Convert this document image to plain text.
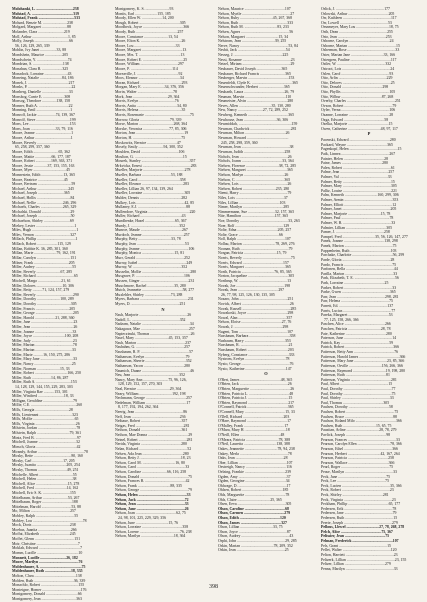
Molohanki, L. ......................................238
Molstad, A. ...........................................319
Molstad, Frank .....................................533
Molund, Benzie M. .........................238
Molgard, Margaret ..........................88
Molander, Clara ...........................219
Moll, Arthur .....................................1, 85
Molly, Joseph ....................................66
56, 126, 129, 265, 339
Mohlin, Ivy Janet .................33, 88
Mondshein, Maurice ..................205
Mondschein, Y. ................................74
Mondrian, S. ...............................138
Monahan, Clara B. .....................325
Monadock, Lorraine ........................43
Moneing, Natalie .......................84, 186
Monek, J. ..........................................217
Monks, P. .............................................22
Monberg, Danielle ............................33
Monsbog, Carrie E. ......................308
Monsog, Theodore ...............138, 158
Monner, Ruth A. ...............................22
Monning, Emil ...................................1
Monroff, Jackie ...................74, 139, 367
Monrolf, Steve ...................................199
Mons, Lee ..........................................153
Mons, Joan ..........................33, 79, 116
Moore, Jeanne .....................................1
Moore, Arthur .....................................1
Moore, Beverly ...................................
65, 258, 299, 357, 360
Moore, Edith ..........................65, 362
Moore, Mattie .................66, 177, 187
Moore, Robert ................169, 363, 371
Moore, Jessie ..............37, 153, 155, 163
Moore, Myer ..................................45
Monnestein, Edith .......................13, 365
Moore, Beatrice ...........................45
Moore, Bertram ...................................59
Michael, Arthur ................................245
Michael, Joseph ...........................365
Michael, Hollis ...................................84
Michael, Nellie ...........................246, 296
Michaels, Charles .......................265, 329
Michalski, Donald ..............................29
Michael, Joseph ..................................50
Michaelson, Shirley ...........................69
Miekey, Lester ........................................1
Miles, Hugh ..............................................1
Miles, Vernon .....................................327
Millach, Phillip ........................................1
Millach, Robert .....................115, 129
Millan, Bobbie K. 36, 285, 301, 360
Millan, Marie .......................79, 162, 191
Millar, Carolyn ...................................151
Milner, Frank ....................................205
Miller, Audrey ......................................55
Miller, Beverly .........................67, 285
Miller, Richard .......................................65
Mitchell, Margo ........................21, 61
Miller, Dolores ...........................10, 306
Miller, Betty ..........71, 124, 157, 279
Miller, Beverly ......................................290
Miller, Dorothy ........................100, 289
Miller, Dorothy ...................................305
Miller, Francis ...................................205
Miller, George .......................................205
Miller, Harold .....................21, 288, 360
Miller, Jane ............................................23
Miller, Jean ............................................26
Miller, Joanne .......................................33
Miller, Joyce .................................100, 208
Miller, Judy ...........................................23
Miller, Marian .......................................78
Miller, Marian ......................................33
Miller, Marie ..........16, 150, 275, 286
Miller, Mary Jane ..................................33
Miller, Nancy .......................................25
Miller, Norman ........................15, 33
Miller, Robert ..................................166, 250
Miller, Ruth ....................14, 86, 287
Miller, Ruth A. ....................................153
14, 128, 129, 144, 155, 229, 283, 303
Miller, Virginia Rae ...........153, 301
Miller, Winifred ...........................18, 33
Milligan, Geraldine ...............................79
Millie, C.E. ...............................................260
Mills, Georgia ...................................28
Mills, Lieutenant ..................................323
Mills, Mollie ...........................................65
Mills, Virginia ..........................................26
Milstein, Jordan ........................................78
Milstein, Ralph ..................................79, 361
Mintz, Fred B. ...........................................97
Mitchell, Joanne .......................................32
Minsch, Gloria ..........................................42
Mirandy, Arthur ................................................78
Mirsky, Bette .......................................80, 160
Mirsky, Carl ................................17, 205
Mirsky, Juanita ...............................205, 254
Mirsky, Thomas ..............................49, 251
Mitchelle, Albert ...................................55
Mitchell, Helen .....................................38
Mitchell, Alice .................................15, 278
Mitchell, Fred .................................14, 162
Mitchell, Eric S. K. ............................155
Mittelbaum, Arthur ..........................53, 267
Mittelbaum, Roger ...............................188
Mittelman, Harold ...............................53, 88
Mo, Milton .........................................257
Mobley, Ralph ........................................55
Mobley, Lou ....................................................78
Mock, Doris .......................................238
Moebus, Juanita ..................................266
Moffat, Elizabeth ...............................245
Moffet, Glenn .........................................151
Moir, Christine ...........................................7
Moklah, Edward ...........................................7
Momm, Lucille ...........................................10
Monnett, Lucille ...........................26, 182
Moore, Marilyn .........................................76
Moldenhauer, A. ...........................................75
Moldenhauer, Ruth ...........................18, 335
Molton, Clara ...........................................138
Molden, Ruth .........................................36, 339
Monachlo, Robert .......................................155
Monteigne, Homer ........................................176
Montgomery, Donald .................................66
Montgomery, Jean ....................................363
Montgomery, K. S. .........................93
Montis, Earl .......................155, 185
Moody, Ellen W. .....................14, 200
Mough, Robert ..........................................305
Moodbeck, Joyce ..........................................366
Moody, Ruth ...........................................257
Moore, Constance .........................13, 54
Moore, Elton K. ..........................................26
Moore, Lou ...........................................33
Moore, Margaret ..........................................13
Moore, Mrs. T. ...........................................13
Moore, Robert E. ..........................................25
Moore, William .......................................297
Moore, P. ...........................................114
Moreaville, J. ...........................................92
Moos, Eleanor ...........................................34
Moran, Richard ...........................................293
Morgan, Mary E. .......................34, 376, 356
Morin, Walter .....................................78
Mork, Jean ....................................29, 364
Morris, Evelyn .....................................76
Morris, Anita ..........................................34, 80
Morris, Helena ............................................35
Morris, Rosemarie ...............................................75
Morrow, Gloria ...............................79, 339
Morse, Marion ....................................268, 364
Morske, Veronica ...........................77, 85, 306
Morton, Jean ..................................................19
Morton, H. ..................................................75
Moskowitz, Bernice ...............................47
Mosely, Emily ..........................94, 300, 352
Moulden, David .......................................106
Moulton, G. ..................................................15
Mourek, Stanley ..................................................357
Mrkvicka, Ernest ..................................................283
Mueller, Marjorie ...........................................278
Mueller, Barbara ..............................53, 188
Mueller, Carol ...........................................358
Mueller, Eleanor ...........................................283
Mueller, Lillian 26, 97, 134, 139, 264
Mueller, Lorraine ...........................................305
Mulder, Dennis ...........................................282
Mulkey, Lois ..................................................42, 85
Mullaney, E.J. ..................................................88
Mullendore, Virginia ...........................................220
Muller, Richard ...........................................43
Mundhenke, Hazel ...............................65, 367
Mundy, J. ..................................................352
Munroe, Maude ...........................................267
Murdoch, Jeanne ...........................................257
Murphy, Betty ..................................33, 78
Murphy, Jean ..................................................53
Murphy, Jeanne ..................................................106
Murphy, Monica ..................................15, 81
Murr, Gerald ..................................................252
Murray, Isabel ..................................................249
Murray, W. ..................................................352
Musselin, Mollie ..................................................280
Musgrave, P. ..................................................106
Mussen, Ginger ..................................................231
Muuchmore, Rachel ............................35, 280
Mutch, Jeannette ..........................................58, 277
Muxlehler, Shirley ...........................73, 288
Myers, Barbara ..................................................231
Myers, D. ..................................................251
N
Nash, Marjorie ..................................................26
Nadoll, L. ..................................................352
Nadzam, Natalie ..................................................34
Nakagawa, Mae ..................................................257
Napieczinski, Thomas ..........................................26
Nasel, Mary ...................................45, 153, 357
Nash, Marion ..................................................237
Nashahm, G. ..................................................257
Nassbaum, R. P. ..................................................57
Nathanson, Evelyn ..........................................79
Nathanson, Sherrie ..........................................352
Nathanson, Yacon ..........................................280
Naumich, Duane ..................................................46
Neu, Jean ..................................................352
Nancy, Mary Ann ..........................75, 96, 126,
128, 129, 152, 157, 270, 303
Neal, Bernice ..................................29, 364
Neary, William ..................................192, 198
Nechmann, George ..........................................257
Nedelman, William ..........................................17
8, 177, 192, 194, 262, 364
Neerig, Jean ..................................................86
Neff, Jean ..................................................236
Neibaue, Robert ..........................................357
Neigas, Fred ..................................................281
Neilson, Donald ..........................................361
Neilson, Mae Donna ..........................................29
Neinel, Robert ..................................................281
Nerida, Virginia ..........................................280
Nelan, Richard ..................................................52
Nelsen, Ada Jean ..........................................280
Nelson, Betty J. ..........................................18, 23
Nelson, Carol M. ..................................16, 80
Nelson, Carol ..................................................33
Nelson, Caroline ..........................66, 116, 258
Nelson, Donald ..................................................75
Nelson, Frances B. ..........................................42
Nelson, Frank ..................................88, 335
Nelson, George ..................................................79
Nelson, Helen ..................................................33
Nelson, Jack ..................................................72
Nelson, Jean ..................................................33
Nelson, Jane ..................................................26
Nelson, Joan ..........................................62, 75
24, 98, 101, 225, 229, 329, 356
Nelson, June ..................................15, 76
Nelson, Lorraine ..........................................358
Nelson, Lorene ..........................................76, 238
Nelson, Marilyn ..................................18, 364
Nelson, Maurice ..........................................107
Nelson, Myrtle ..................................................27
Nelson, Ruby ..................................45, 267, 368
Nelson, Ruth ..................................................333
Nelson, Ruth M. ..................................83, 233
Nelsen, Agnes ..................................................56
Nelson, Margaret ..................................15, 34
Nelstrom, Jean ..................................39, 255
Nerve, Nancy ..................................................53, 84
Nesbit, Jack ..................................................54
Nesseg, J. ..................................................225
Nessi, Rosanne ..................................................23
Netzel, Miriam ..................................................29
Neubauer, David Joseph ..........................365
Neubauer, Richard Francis ..........................365
Neuberger, Marvin ..........................................153
Neuenfeldt, Clyde K. ..........................................365
Neuenschwander, Herbert ..........................365
Neuharth, Laura ..........................................26, 79
Neuman, Marvin ..........................................110
Neumeister, Alvin ..........................................280
Neves, Allen ..................................35, 130, 280
New, Nancy ..........................27, 72, 289, 252
Newberg, Kenneth ..........................................365
Newhouse, Jean ..................................36, 306
Newmiddah, .......................................................159
Newman, Chadwick ..........................................281
Newman, Milton ..........................................26
Newman, Howard ...........................................
245, 258, 298, 359, 360
Newman, Jean ..................................................38
Newman, Judith ..........................................258
Nichols, Jean ..................................................26
Nichols, Joann ..........................................33, 364
Nielsen, Florence ..................................38, 72, 285
Nielsen, Margaret ..........................................365
Nielson, Marlyn ..........................................26
Nielson, C. ..................................................365
Nielsen, Lois ..................................................26
Nielsen, Robert ..................................235, 280
Niemi, Harry ..................................................79
Niles, Lois ..................................................37
Niles, Lillian ..........................................103
Nimer, Marilyn ..........................................285
Nimmermann, Sue ............................32, 157, 365
Nite, Hamilton ..................................157, 365
Noe, Dorothy ..................................................33, 263
Noer, Rolf ..................................................129
Nolte, Edna ..........................................205, 257
Nolte, Grace ..........................................66
Noll, Ralph ..................................................107
Nollau, Marion ..................................78, 269, 276
Noonan, Ruth ..................................................79
Norgan, Patricia ..................................15, 79
Norris, Beverly ..................................................75
Norris, Edward ..........................................157
Norris, Margaret ..........................................365
North, Patricia ..................................76, 85, 365
Norton, Jacqueline ..........................................305
Northrup, W. ..................................................13
Novak, Joe ..................................................198
Novak, Jean ..........................................297
26, 77, 98, 125, 126, 130, 135, 305
Nozaro, John ..................................................251
Novick, Albert ..................................................26
Novak, Russell ..................................................285
Nowakoski, Joyce ..........................................298
Nowal, Alan ..................................................357
Nelson, Eloise ..........................................27, 76
Nowak, J. ..................................................298
Nugent, Tom ..................................................107
Nussbaum, Barbara ..........................................358
Nusbaum, Harry ..........................................353
Nussbaum, R. ..................................................21
Nussbaum, Robert ..........................................203
Nyberg, Constance ..........................................333
Nystrom, Evelyn ..........................................78
Nyzio, George ..................................................76
Nyzio, Katherine ..........................................147
O
O'Bert, James ..........................................48, 365
O'Brien, Jack ..................................................26
O'Brien, Marguerite ..........................................26
O'Brien, Patricia L. ..........................................48
O'Brien, Patricia J. ..........................................15
O'Brien, Raymond ..........................................217
O'Connell, Patrick ..........................................365
O'Connell, Mary ..........................................15, 33
O'Dell, Richard ..........................................203
O'Hare, Raymond ..........................................17
O'Malley, Frank ..........................................17
O'Mara, Mary H. ..........................................18
O'Neill, Ellen ..........................................48
O'Meara, Patricia ..................................78, 388
O'Neil, Lauretta ..................................138, 388
Oakes, Jeannette ..................................78, 94, 238
Oakey, Merla ..................................................78
Oaks, Jean ..................................................28
Ober, Lillian ..................................................107
Oestreigh, Nancy ..........................................116
Oelzing, Frankie ..........................................239
Ogden, Amy ..................................................37
Ogden, Georgine ..........................................34
Ohlwage, D. ..................................................17
Ohlsen, Robert ..........................................185
Ohls, Marguerite ..........................................78
Ohls, Claire ..................................25, 365
Olsen, Eeva ..................................................305
Olson, Caroline ..........................................68
Olson, Carmen ..........................................279
Olson, Edith ..........................................120
Olson, James ..........................................327
Olson, Lillian ..................................33, 75
Olson, Joyce ..................................................87
Olson, Audrey ..................................................43
Orphi, John ..................................................29, 285
Orkin, Marian ..................................78, 209, 352
Orkin, Jean ..................................................25
Orlick, J. ..................................................177
Orlowski, Arthur ..........................................205
Orr, Kathleen ..................................................117
Orr, Lowell ..................................................53
Orsnmeyer, Mary Lou ..................................18, 75
Orth, Dean ..................................................255
Orto, Jean ..................................................253
Osborne, Carolyn ..........................................24
Osborne, Marian ..................................................15
Osherman, Rose ..................................................33
Oster, Marian Jane ..................................33, 166
Ostergren, Pauline ..........................................117
Ostler, W. ..................................................332
Ostroot, Lois ..................................................24
Oslen, Carol ..................................................93
Otto, Arlin ..................................................229
Otto, Delores ..................................................25
Otto, Donald ..........................................298
Otto, Phyllis ..................................................105
Otto, Wilbur ..........................................87, 268
Overby, Charles ..................................................251
Ovson, Robert ..................................................79
Oyler, Verna ..................................................106
Ozanne, Lorraine ..........................................28
Ozga, Edward ..........................................58
Ozelka, Marjorie ..........................................15
Owen, Catherine ..................................48, 97, 117
P
Pacenski, Edward ..........................................280
Packard, Wayne ..........................................365
Pagenkopf, Helen ..................................................15
Paik, Linnea ..................................................267
Painter, Helen ..........................................28
Paine, James ..........................................280
Palen, Robert ..................................................61
Palme, Jean ..................................................257
Palmer, Val ..................................................33
Palmer, Betty ..................................................15
Palmer, Mary ..................................................305
Palliz, Louise ..................................................221
Palm, Kenneth ..................................160, 299, 306
Palmer, Armin ..................................................353
Palmer, Elliott ..................................................12
Palmer, Janet ..................................................205
Palmer, Marjorie ..................................15, 78
Palmer, Paul ..................................................78
Palmer, W. B. ..................................................33
Palmier, Lillian ..........................................305
Pamer, J. ..................................................258
Pampel, Fred ..................................35, 56, 126, 147, 277
Panek, Joanne ..........................................138, 298
Panek, Marion ..................................................75
Pappenheim, Ruth ..........................................103
Parchake, Charlotte ..........................................56, 299
Parde, Gloria ..................................................28
Pardo, Francis ..................................................75
Parfonen, Bella ..................................................44
Parilla, Marion ..................................................33
Park, Elizabeth, T. E. ..........................................56
Park, Lorraine ..........................................25
Parker, Robert ..................................................33
Parke, Gwen ..................................................365
Parr, Jean ..................................................298, 281
Parr, Helena ..................................................75
Parrett, Ed. ..................................................137
Parris, Lucius ..................................................77
Pareka, Margaret ..........................................53
77, 125, 158, 266, 366
Paschen, Alice ..........................................266
Paschen, Patricia ..................................28, 78
Pate, Katherine ..........................................280
Paterson, June ..................................................14
Patrick, Kay ..................................................59
Patrick, Robert ..................................................366
Patterson, Betty Ann ..........................................76
Patterson, Harold James ..........................................366
Patterson, Mary Jane ..................................23, 85, 366
Patterson, Orville ..................................156, 266, 366
Patterson, Raymond ..................................19, 198, 280
Patterson, Ruth ..........................................81
Patterson, Virginia ..........................................281
Paul, Albert ..................................................15
Paul, Dorothy ..................................................77
Paul, Dorothy ..................................................75
Paul, Shirley ..................................................33
Paul, Thomas ..........................................305
Paulsen, Dorothy ..........................................58
Paulsen, Robert ..................................................75
Paulsen, Bruce ..................................................88
Paulson, Roland Milo ..........................................366
Paulsen, Ruth ..................................15, 65, 75
Paustian, Arline ..................................28, 78, 279
Pavlick, Joseph ..........................................98
Pearson, Frances ..................................................33
Pearson, Carolyn Ellen ..................................78, 366
Pearson, Ethel ..................................................366
Pearson, Herbert ..................................42, 167, 264
Pearson, Patricia ..........................................258
Pearson, Wallace ..........................................366
Pearl, Roger ..................................................75
Pease, Marilyn ..................................................33
Peck, Jane ..................................................75
Peck, Lee ..................................................75
Peck, Lucien ..................................................35, 366
Peck, Robert ..................................................23
Peck, Shirley ..........................................281
Peck, Virginia ..................................................23
Peckham, Phillip ..........................................65, 177
Pedersen, Erik ..................................................78
Pedersen, Jane ..................................................79
Pedersen, Ruth ..................................................15
Peerie, Joseph ..................................................279
Pellous, Llewel ..................................27, 78, 268, 278
Pelch, Alice ..........................................75, 367
Pelissier, Jean ..........................................75
Pelman, Frederick ..........................................107
Pels, Grant ..................................................15
Pellet, Walter ..................................................120
Pelton, Harriett ..................................................23
Peltzerk, Lillian ..................................................23, 155
Peltzer, Lillian ..........................................279
Penna, Marilyn ..................................................33
398
